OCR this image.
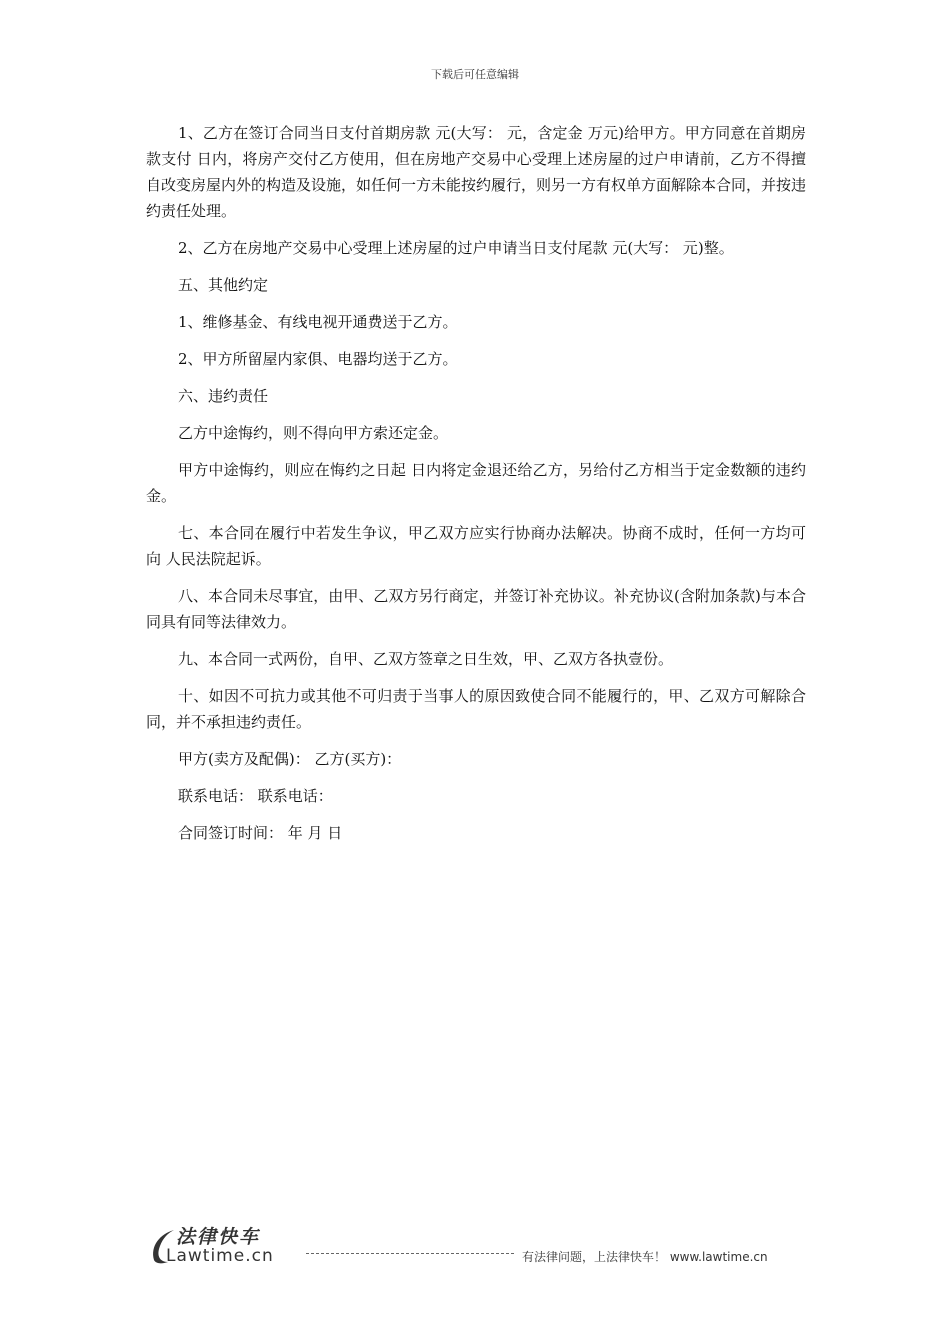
下载后可任意编辑

1、乙方在签订合同当日支付首期房款 元(大写： 元，含定金 万元)给甲方。甲方同意在首期房款支付 日内，将房产交付乙方使用，但在房地产交易中心受理上述房屋的过户申请前，乙方不得擅自改变房屋内外的构造及设施，如任何一方未能按约履行，则另一方有权单方面解除本合同，并按违约责任处理。

2、乙方在房地产交易中心受理上述房屋的过户申请当日支付尾款 元(大写： 元)整。

五、其他约定

1、维修基金、有线电视开通费送于乙方。

2、甲方所留屋内家俱、电器均送于乙方。

六、违约责任

乙方中途悔约，则不得向甲方索还定金。

甲方中途悔约，则应在悔约之日起 日内将定金退还给乙方，另给付乙方相当于定金数额的违约金。

七、本合同在履行中若发生争议，甲乙双方应实行协商办法解决。协商不成时，任何一方均可向 人民法院起诉。

八、本合同未尽事宜，由甲、乙双方另行商定，并签订补充协议。补充协议(含附加条款)与本合同具有同等法律效力。

九、本合同一式两份，自甲、乙双方签章之日生效，甲、乙双方各执壹份。

十、如因不可抗力或其他不可归责于当事人的原因致使合同不能履行的，甲、乙双方可解除合同，并不承担违约责任。

甲方(卖方及配偶)： 乙方(买方)：

联系电话： 联系电话：

合同签订时间： 年 月 日

法律快车
Lawtime.cn	有法律问题，上法律快车！ www.lawtime.cn
